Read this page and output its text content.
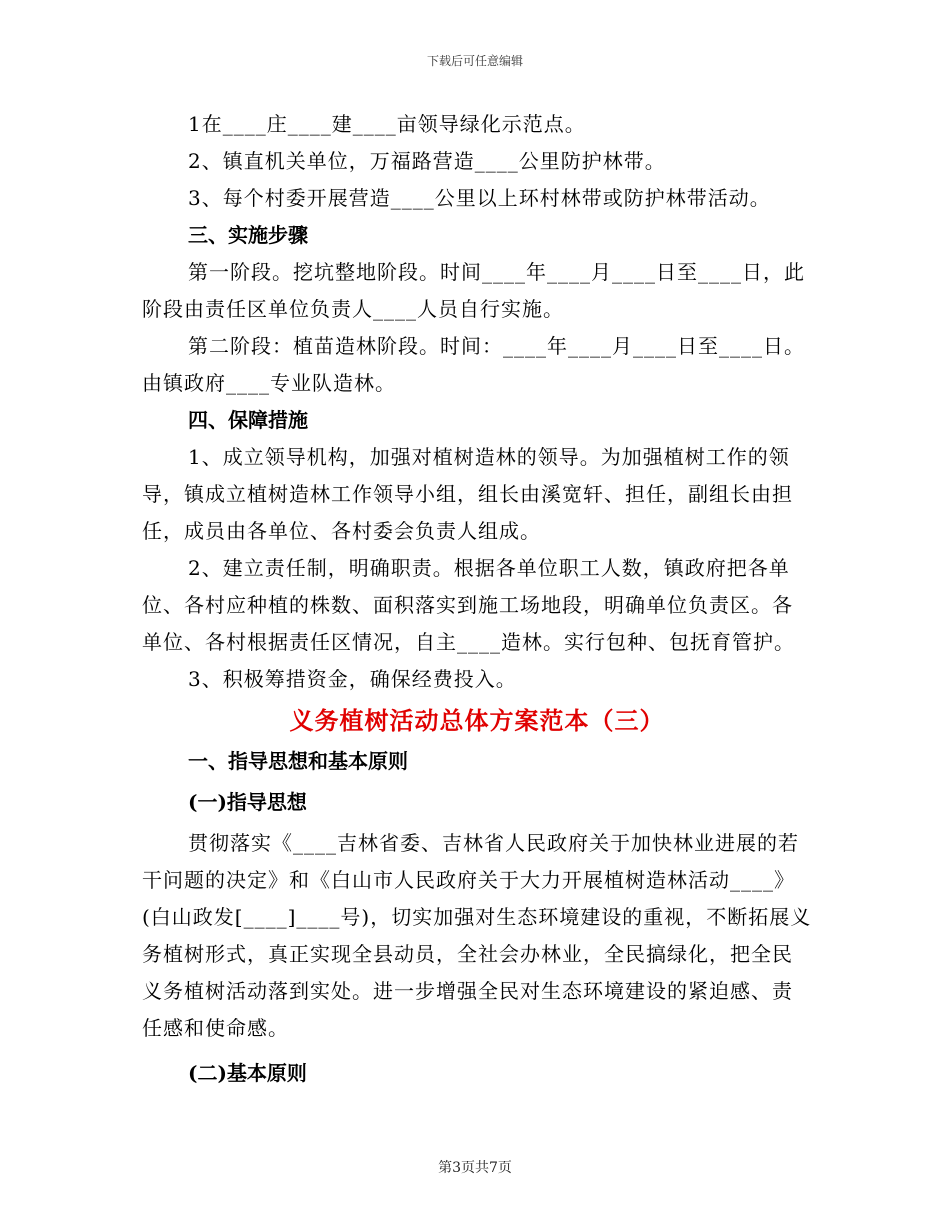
下载后可任意编辑

1在____庄____建____亩领导绿化示范点。

2、镇直机关单位，万福路营造____公里防护林带。

3、每个村委开展营造____公里以上环村林带或防护林带活动。

三、实施步骤

第一阶段。挖坑整地阶段。时间____年____月____日至____日，此阶段由责任区单位负责人____人员自行实施。

第二阶段：植苗造林阶段。时间：____年____月____日至____日。由镇政府____专业队造林。

四、保障措施

1、成立领导机构，加强对植树造林的领导。为加强植树工作的领导，镇成立植树造林工作领导小组，组长由溪宽轩、担任，副组长由担任，成员由各单位、各村委会负责人组成。

2、建立责任制，明确职责。根据各单位职工人数，镇政府把各单位、各村应种植的株数、面积落实到施工场地段，明确单位负责区。各单位、各村根据责任区情况，自主____造林。实行包种、包抚育管护。

3、积极筹措资金，确保经费投入。

义务植树活动总体方案范本（三）

一、指导思想和基本原则

(一)指导思想

贯彻落实《____吉林省委、吉林省人民政府关于加快林业进展的若干问题的决定》和《白山市人民政府关于大力开展植树造林活动____》(白山政发[____]____号)，切实加强对生态环境建设的重视，不断拓展义务植树形式，真正实现全县动员，全社会办林业，全民搞绿化，把全民义务植树活动落到实处。进一步增强全民对生态环境建设的紧迫感、责任感和使命感。

(二)基本原则

第3页共7页
